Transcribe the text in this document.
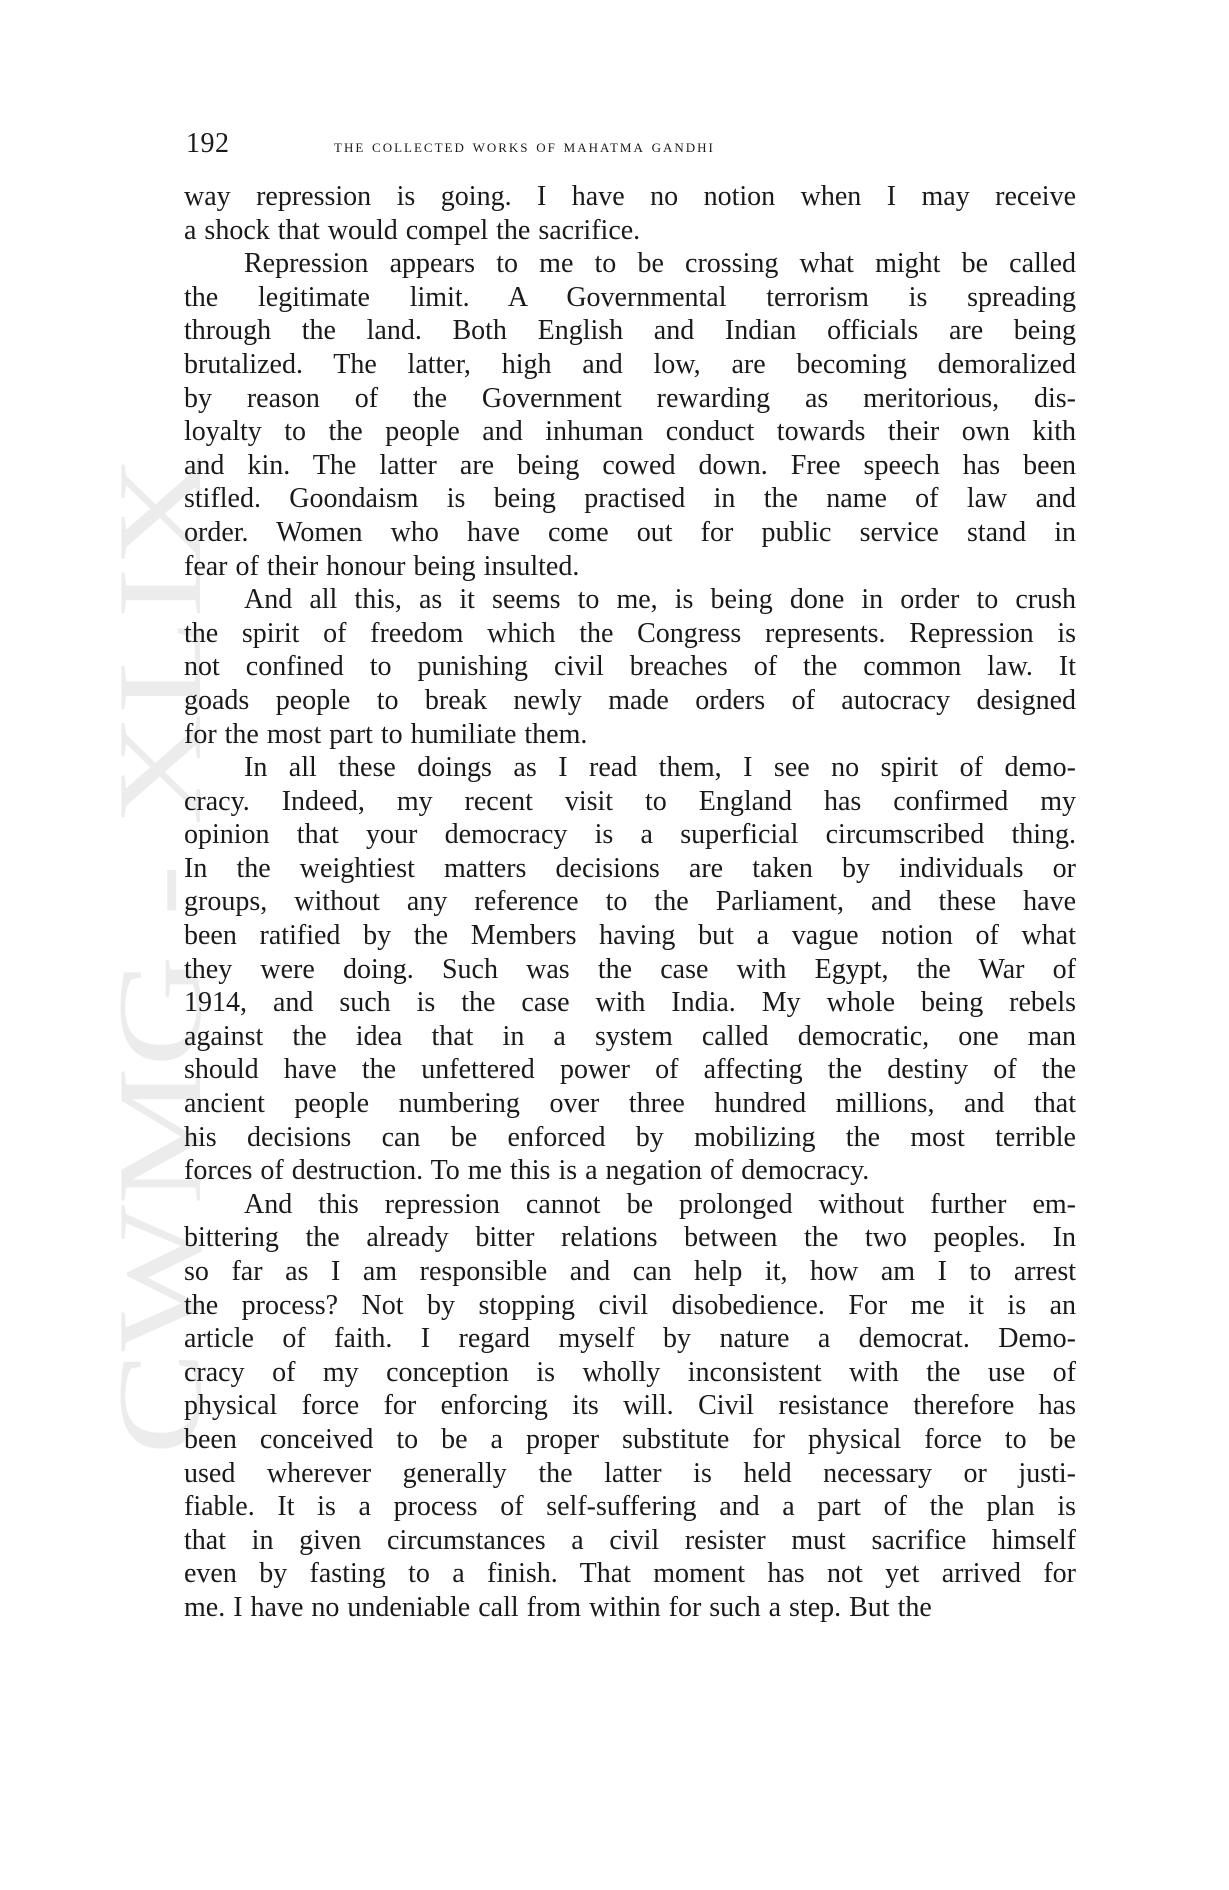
CWMG - XLIX
192	the collected works of mahatma gandhi

way repression is going. I have no notion when I may receive
a shock that would compel the sacrifice.

Repression appears to me to be crossing what might be called
the legitimate limit. A Governmental terrorism is spreading
through the land. Both English and Indian officials are being
brutalized. The latter, high and low, are becoming demoralized
by reason of the Government rewarding as meritorious, dis-
loyalty to the people and inhuman conduct towards their own kith
and kin. The latter are being cowed down. Free speech has been
stifled. Goondaism is being practised in the name of law and
order. Women who have come out for public service stand in
fear of their honour being insulted.

And all this, as it seems to me, is being done in order to crush
the spirit of freedom which the Congress represents. Repression is
not confined to punishing civil breaches of the common law. It
goads people to break newly made orders of autocracy designed
for the most part to humiliate them.

In all these doings as I read them, I see no spirit of demo-
cracy. Indeed, my recent visit to England has confirmed my
opinion that your democracy is a superficial circumscribed thing.
In the weightiest matters decisions are taken by individuals or
groups, without any reference to the Parliament, and these have
been ratified by the Members having but a vague notion of what
they were doing. Such was the case with Egypt, the War of
1914, and such is the case with India. My whole being rebels
against the idea that in a system called democratic, one man
should have the unfettered power of affecting the destiny of the
ancient people numbering over three hundred millions, and that
his decisions can be enforced by mobilizing the most terrible
forces of destruction. To me this is a negation of democracy.

And this repression cannot be prolonged without further em-
bittering the already bitter relations between the two peoples. In
so far as I am responsible and can help it, how am I to arrest
the process? Not by stopping civil disobedience. For me it is an
article of faith. I regard myself by nature a democrat. Demo-
cracy of my conception is wholly inconsistent with the use of
physical force for enforcing its will. Civil resistance therefore has
been conceived to be a proper substitute for physical force to be
used wherever generally the latter is held necessary or justi-
fiable. It is a process of self-suffering and a part of the plan is
that in given circumstances a civil resister must sacrifice himself
even by fasting to a finish. That moment has not yet arrived for
me. I have no undeniable call from within for such a step. But the
